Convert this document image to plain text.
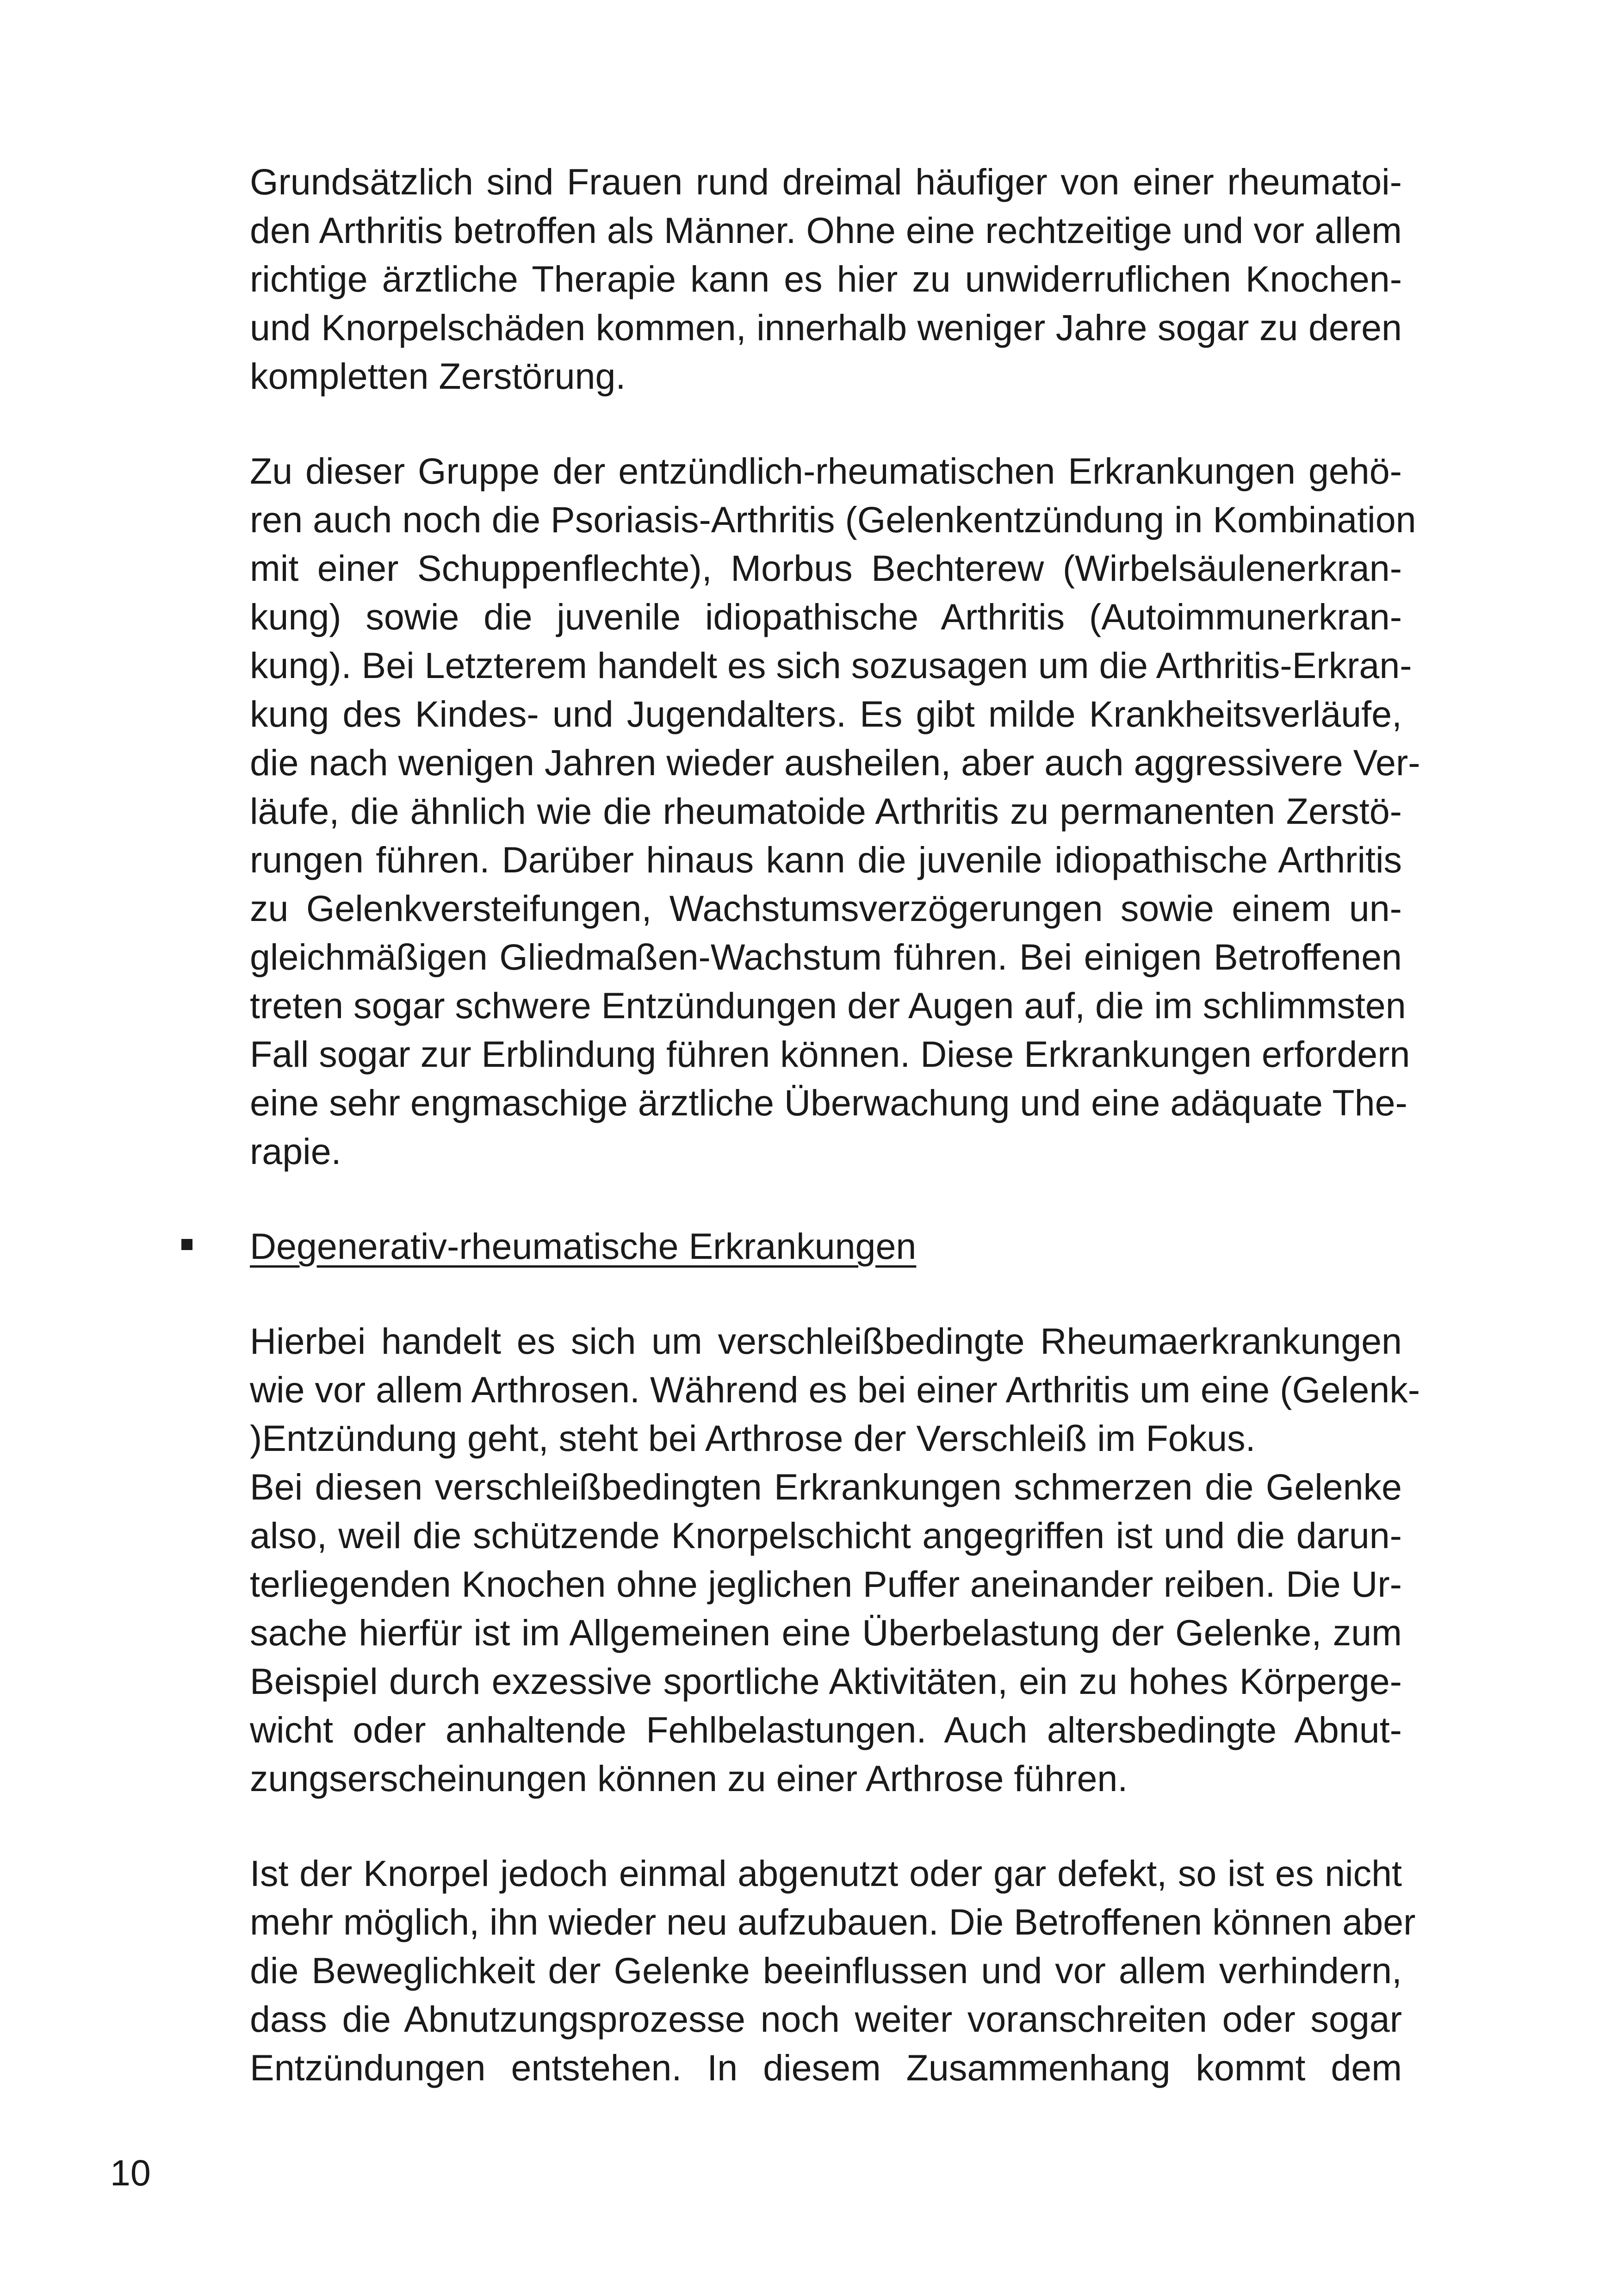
Grundsätzlich sind Frauen rund dreimal häufiger von einer rheumatoi-
den Arthritis betroffen als Männer. Ohne eine rechtzeitige und vor allem
richtige ärztliche Therapie kann es hier zu unwiderruflichen Knochen-
und Knorpelschäden kommen, innerhalb weniger Jahre sogar zu deren
kompletten Zerstörung.

Zu dieser Gruppe der entzündlich-rheumatischen Erkrankungen gehö-
ren auch noch die Psoriasis-Arthritis (Gelenkentzündung in Kombination
mit einer Schuppenflechte), Morbus Bechterew (Wirbelsäulenerkran-
kung) sowie die juvenile idiopathische Arthritis (Autoimmunerkran-
kung). Bei Letzterem handelt es sich sozusagen um die Arthritis-Erkran-
kung des Kindes- und Jugendalters. Es gibt milde Krankheitsverläufe,
die nach wenigen Jahren wieder ausheilen, aber auch aggressivere Ver-
läufe, die ähnlich wie die rheumatoide Arthritis zu permanenten Zerstö-
rungen führen. Darüber hinaus kann die juvenile idiopathische Arthritis
zu Gelenkversteifungen, Wachstumsverzögerungen sowie einem un-
gleichmäßigen Gliedmaßen-Wachstum führen. Bei einigen Betroffenen
treten sogar schwere Entzündungen der Augen auf, die im schlimmsten
Fall sogar zur Erblindung führen können. Diese Erkrankungen erfordern
eine sehr engmaschige ärztliche Überwachung und eine adäquate The-
rapie.

Degenerativ-rheumatische Erkrankungen

Hierbei handelt es sich um verschleißbedingte Rheumaerkrankungen
wie vor allem Arthrosen. Während es bei einer Arthritis um eine (Gelenk-
)Entzündung geht, steht bei Arthrose der Verschleiß im Fokus.
Bei diesen verschleißbedingten Erkrankungen schmerzen die Gelenke
also, weil die schützende Knorpelschicht angegriffen ist und die darun-
terliegenden Knochen ohne jeglichen Puffer aneinander reiben. Die Ur-
sache hierfür ist im Allgemeinen eine Überbelastung der Gelenke, zum
Beispiel durch exzessive sportliche Aktivitäten, ein zu hohes Körperge-
wicht oder anhaltende Fehlbelastungen. Auch altersbedingte Abnut-
zungserscheinungen können zu einer Arthrose führen.

Ist der Knorpel jedoch einmal abgenutzt oder gar defekt, so ist es nicht
mehr möglich, ihn wieder neu aufzubauen. Die Betroffenen können aber
die Beweglichkeit der Gelenke beeinflussen und vor allem verhindern,
dass die Abnutzungsprozesse noch weiter voranschreiten oder sogar
Entzündungen entstehen. In diesem Zusammenhang kommt dem

10
